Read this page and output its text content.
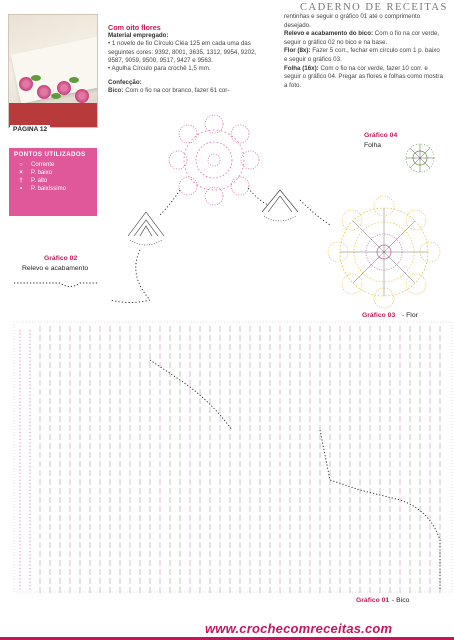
CADERNO DE RECEITAS
PÁGINA 12
Com oito flores
Material empregado:
• 1 novelo de fio Círculo Cléa 125 em cada uma das seguintes cores: 9392, 8001, 3635, 1312, 9954, 9202, 9587, 9059, 9500, 9517, 9427 e 9563.
• Agulha Círculo para crochê 1,5 mm.
Confecção:
Bico: Com o fio na cor branco, fazer 61 cor-
rentinhas e seguir o gráfico 01 até o comprimento desejado.
Relevo e acabamento do bico: Com o fio na cor verde, seguir o gráfico 02 no bico e na base.
Flor (8x): Fazer 5 corr., fechar em círculo com 1 p. baixo e seguir o gráfico 03.
Folha (16x): Com o fio na cor verde, fazer 10 corr. e seguir o gráfico 04. Pregar as flores e folhas como mostra a foto.
PONTOS UTILIZADOS
○	Corrente
×	P. baixo
†	P. alto
•	P. baixíssimo
Gráfico 02
Relevo e acabamento
Gráfico 04
Folha
Gráfico 03 - Flor
Gráfico 01 - Bico
www.crochecomreceitas.com
